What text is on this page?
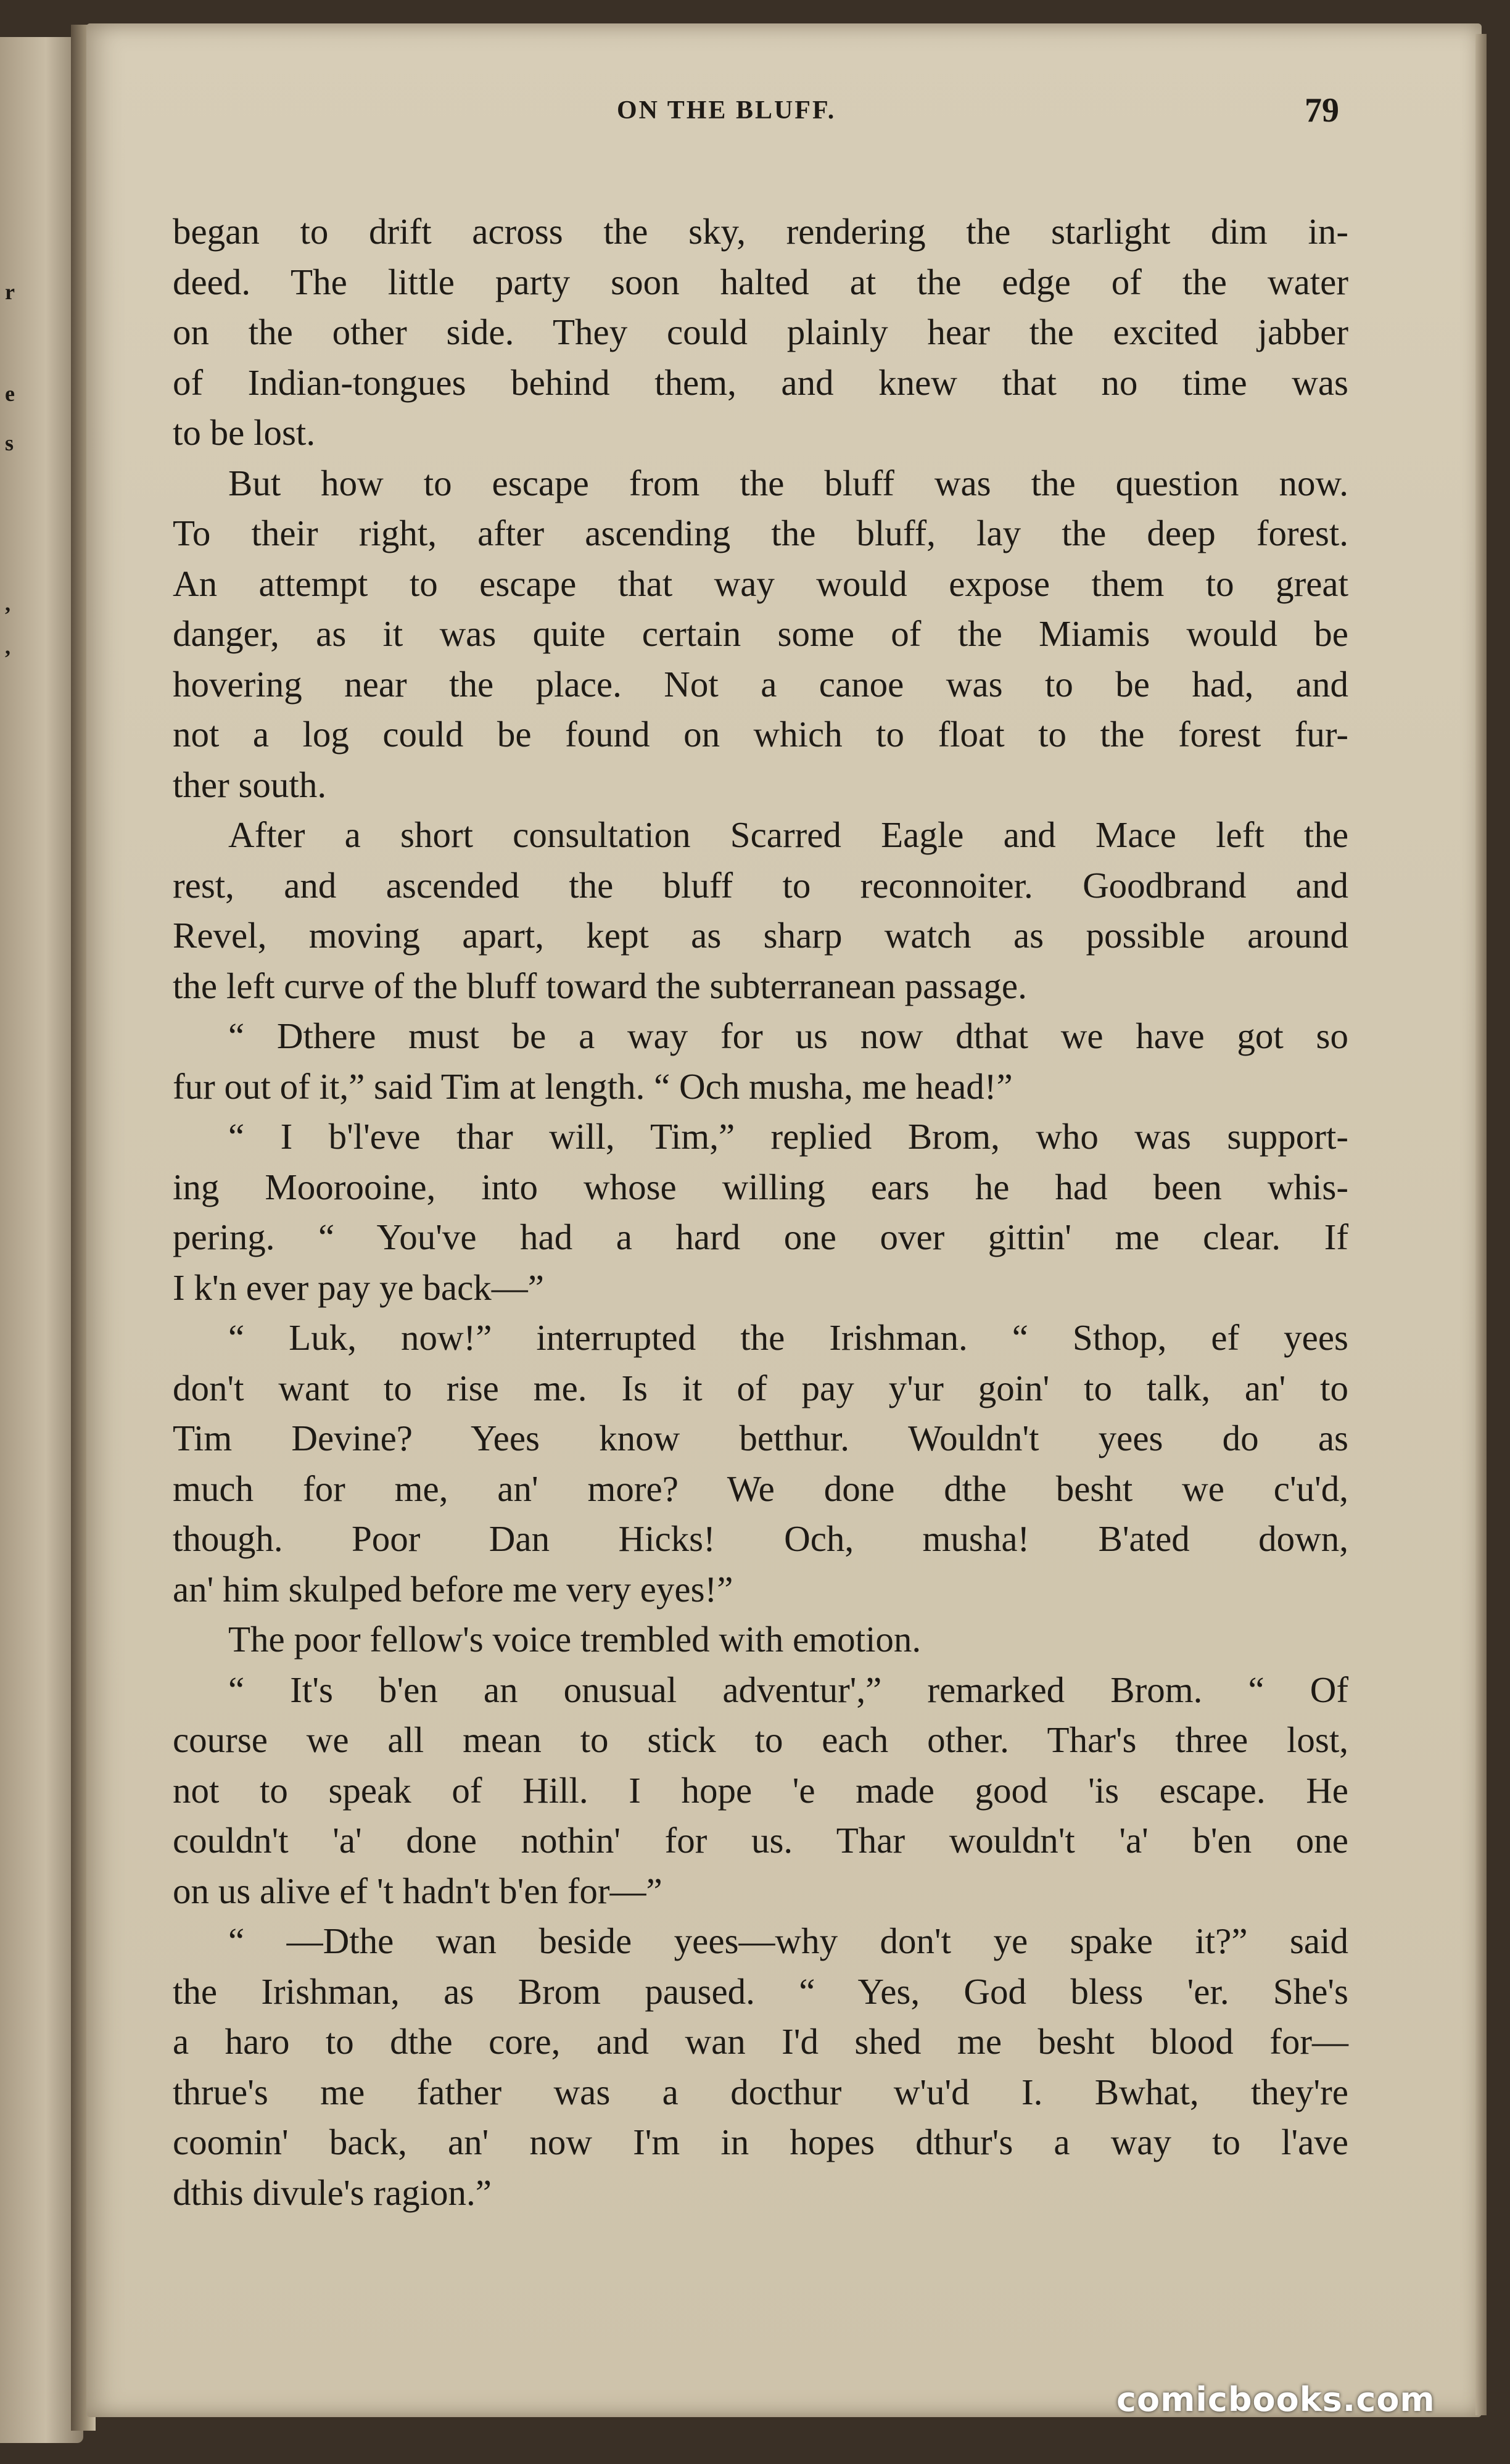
r
e
s
,
,
ON THE BLUFF.	79
began to drift across the sky, rendering the starlight dim in-
deed. The little party soon halted at the edge of the water
on the other side. They could plainly hear the excited jabber
of Indian-tongues behind them, and knew that no time was
to be lost.
But how to escape from the bluff was the question now.
To their right, after ascending the bluff, lay the deep forest.
An attempt to escape that way would expose them to great
danger, as it was quite certain some of the Miamis would be
hovering near the place. Not a canoe was to be had, and
not a log could be found on which to float to the forest fur-
ther south.
After a short consultation Scarred Eagle and Mace left the
rest, and ascended the bluff to reconnoiter. Goodbrand and
Revel, moving apart, kept as sharp watch as possible around
the left curve of the bluff toward the subterranean passage.
“ Dthere must be a way for us now dthat we have got so
fur out of it,” said Tim at length. “ Och musha, me head!”
“ I b'l'eve thar will, Tim,” replied Brom, who was support-
ing Moorooine, into whose willing ears he had been whis-
pering. “ You've had a hard one over gittin' me clear. If
I k'n ever pay ye back—”
“ Luk, now!” interrupted the Irishman. “ Sthop, ef yees
don't want to rise me. Is it of pay y'ur goin' to talk, an' to
Tim Devine? Yees know betthur. Wouldn't yees do as
much for me, an' more? We done dthe besht we c'u'd,
though. Poor Dan Hicks! Och, musha! B'ated down,
an' him skulped before me very eyes!”
The poor fellow's voice trembled with emotion.
“ It's b'en an onusual adventur',” remarked Brom. “ Of
course we all mean to stick to each other. Thar's three lost,
not to speak of Hill. I hope 'e made good 'is escape. He
couldn't 'a' done nothin' for us. Thar wouldn't 'a' b'en one
on us alive ef 't hadn't b'en for—”
“ —Dthe wan beside yees—why don't ye spake it?” said
the Irishman, as Brom paused. “ Yes, God bless 'er. She's
a haro to dthe core, and wan I'd shed me besht blood for—
thrue's me father was a docthur w'u'd I. Bwhat, they're
coomin' back, an' now I'm in hopes dthur's a way to l'ave
dthis divule's ragion.”
comicbooks.com
